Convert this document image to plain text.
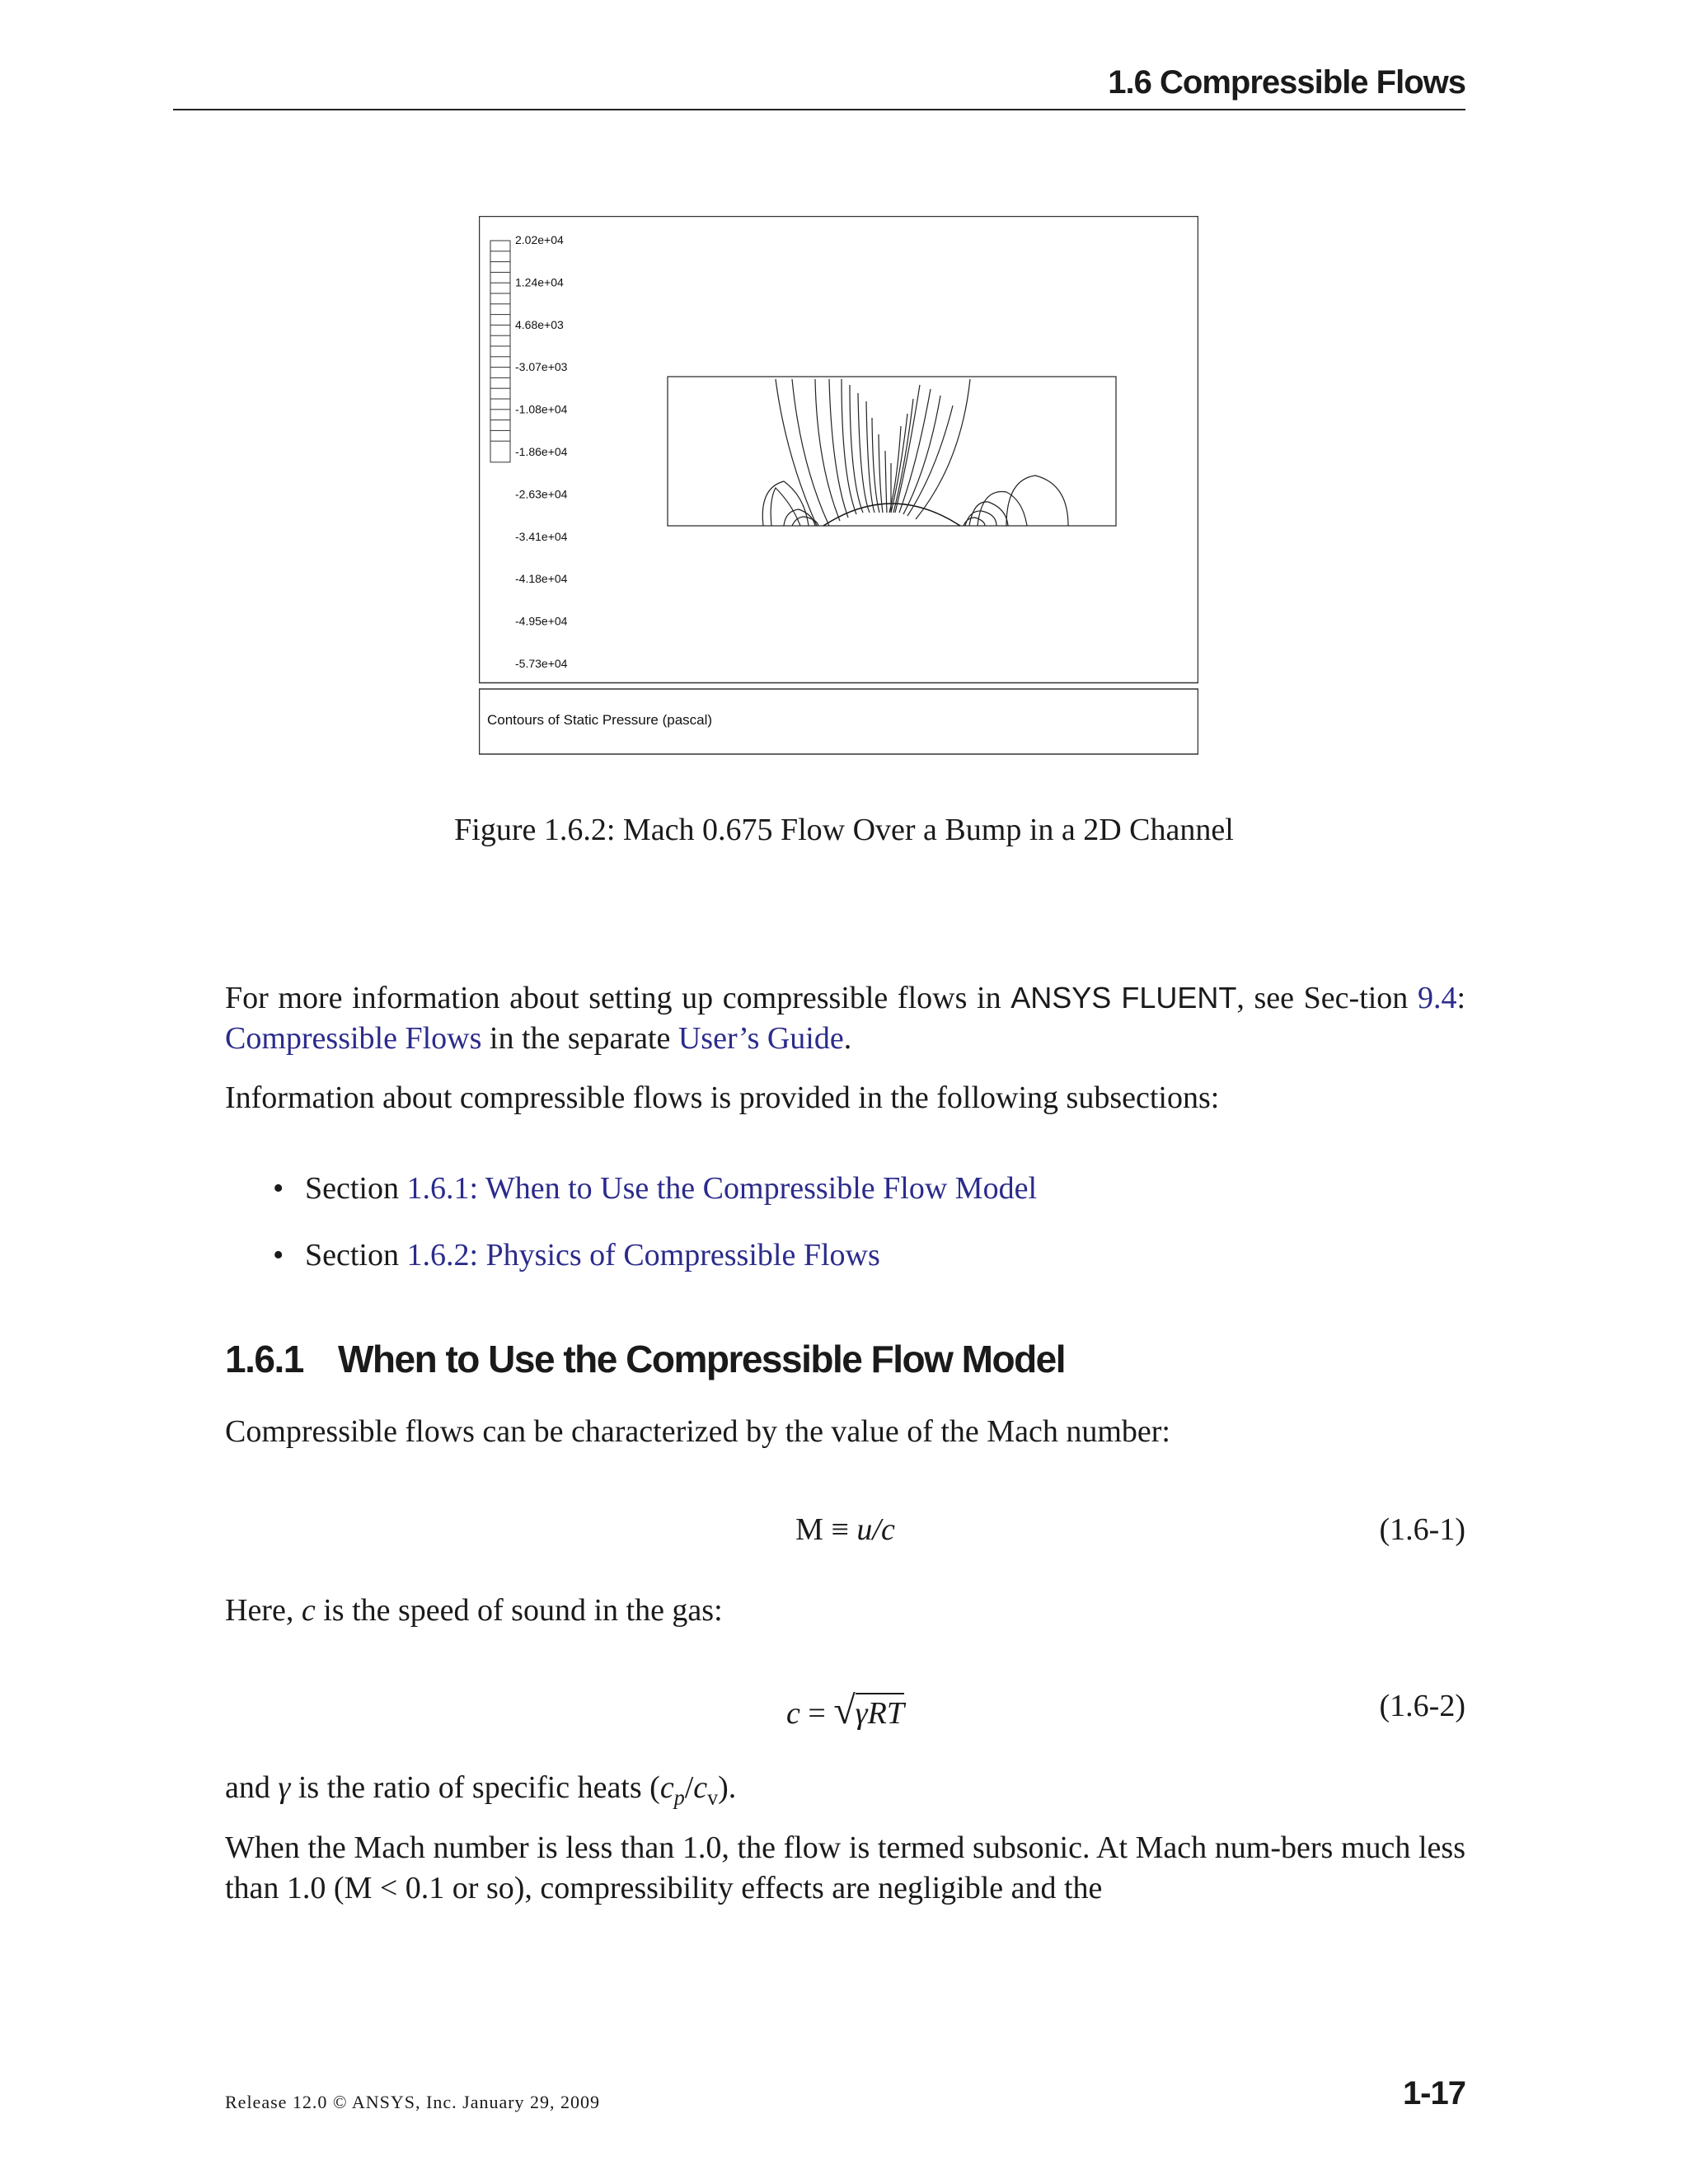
1.6 Compressible Flows
2.02e+04
1.24e+04
4.68e+03
-3.07e+03
-1.08e+04
-1.86e+04
-2.63e+04
-3.41e+04
-4.18e+04
-4.95e+04
-5.73e+04
Contours of Static Pressure (pascal)
Figure 1.6.2: Mach 0.675 Flow Over a Bump in a 2D Channel

For more information about setting up compressible flows in ANSYS FLUENT, see Sec-tion 9.4: Compressible Flows in the separate User’s Guide.

Information about compressible flows is provided in the following subsections:

• Section 1.6.1: When to Use the Compressible Flow Model
• Section 1.6.2: Physics of Compressible Flows
1.6.1 When to Use the Compressible Flow Model

Compressible flows can be characterized by the value of the Mach number:

M ≡ u/c	(1.6-1)

Here, c is the speed of sound in the gas:

c = √γRT	(1.6-2)

and γ is the ratio of specific heats $(c_p/c_v)$.

When the Mach number is less than 1.0, the flow is termed subsonic. At Mach num-bers much less than 1.0 (M < 0.1 or so), compressibility effects are negligible and the

Release 12.0 © ANSYS, Inc. January 29, 2009	1-17
